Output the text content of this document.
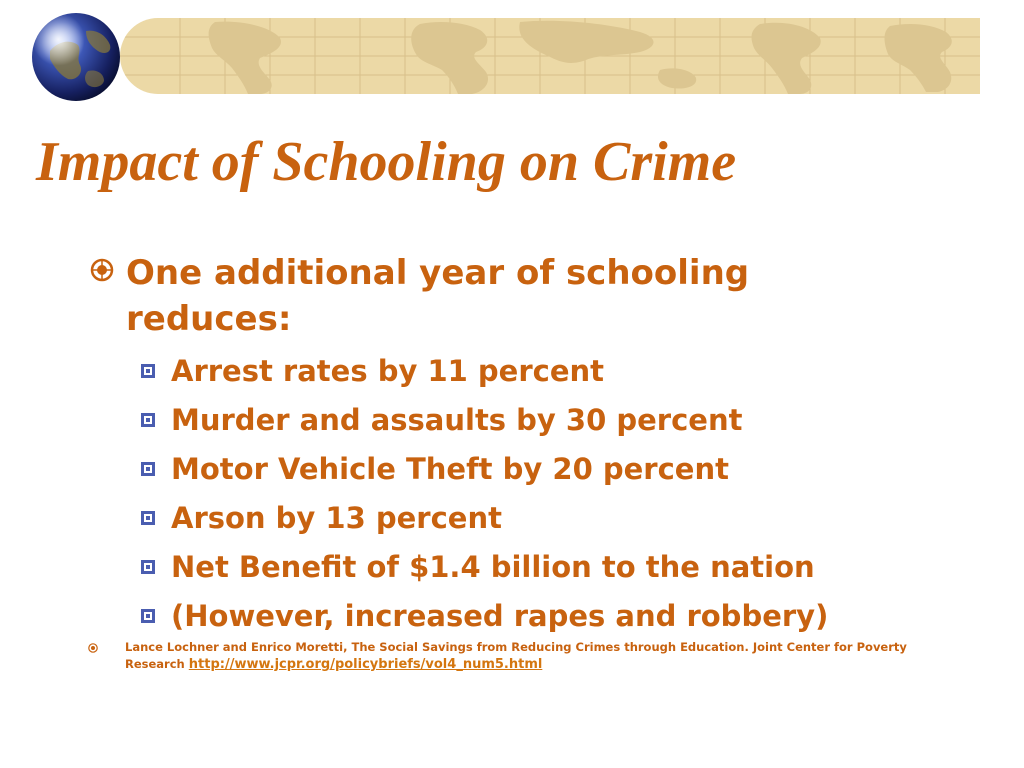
Impact of Schooling on Crime
One additional year of schooling reduces:
Arrest rates by 11 percent
Murder and assaults by 30 percent
Motor Vehicle Theft by 20 percent
Arson by 13 percent
Net Benefit of $1.4 billion to the nation
(However, increased rapes and robbery)
Lance Lochner and Enrico Moretti, The Social Savings from Reducing Crimes through Education. Joint Center for Poverty Research http://www.jcpr.org/policybriefs/vol4_num5.html
